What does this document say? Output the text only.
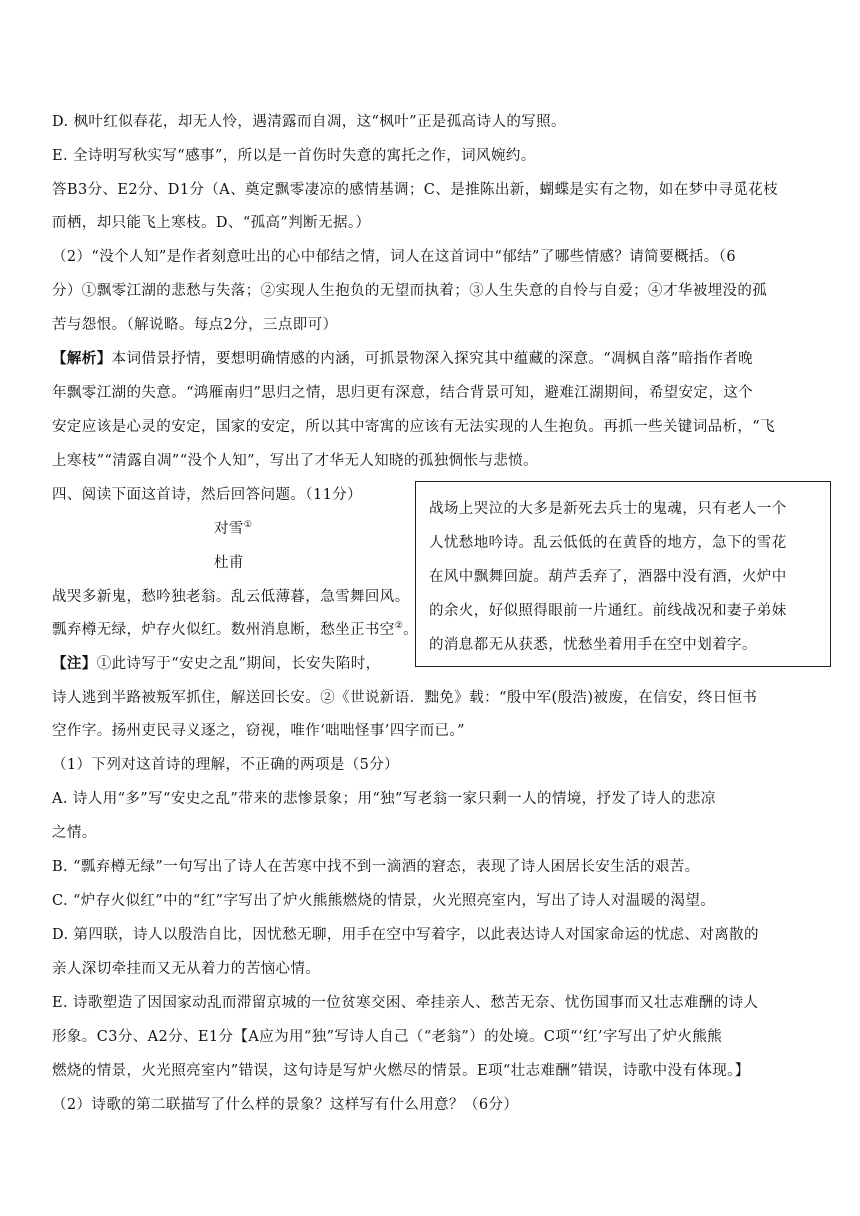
D. 枫叶红似春花，却无人怜，遇清露而自凋，这“枫叶”正是孤高诗人的写照。
E. 全诗明写秋实写“感事”，所以是一首伤时失意的寓托之作，词风婉约。
答B3分、E2分、D1分（A、奠定飘零凄凉的感情基调；C、是推陈出新，蝴蝶是实有之物，如在梦中寻觅花枝
而栖，却只能飞上寒枝。D、“孤高”判断无据。）
（2）“没个人知”是作者刻意吐出的心中郁结之情，词人在这首词中“郁结”了哪些情感？请简要概括。（6
分）①飘零江湖的悲愁与失落；②实现人生抱负的无望而执着；③人生失意的自怜与自爱；④才华被埋没的孤
苦与怨恨。（解说略。每点2分，三点即可）
【解析】本词借景抒情，要想明确情感的内涵，可抓景物深入探究其中蕴藏的深意。“凋枫自落”暗指作者晚
年飘零江湖的失意。“鸿雁南归”思归之情，思归更有深意，结合背景可知，避难江湖期间，希望安定，这个
安定应该是心灵的安定，国家的安定，所以其中寄寓的应该有无法实现的人生抱负。再抓一些关键词品析，“飞
上寒枝”“清露自凋”“没个人知”，写出了才华无人知晓的孤独惆怅与悲愤。
四、阅读下面这首诗，然后回答问题。（11分）
战哭多新鬼，愁吟独老翁。乱云低薄暮，急雪舞回风。
瓢弃樽无绿，炉存火似红。数州消息断，愁坐正书空②。
【注】①此诗写于“安史之乱”期间，长安失陷时，
诗人逃到半路被叛军抓住，解送回长安。②《世说新语．黜免》载：“殷中军(殷浩)被废，在信安，终日恒书
空作字。扬州吏民寻义逐之，窃视，唯作‘咄咄怪事’四字而已。”
（1）下列对这首诗的理解，不正确的两项是（5分）
A. 诗人用“多”写“安史之乱”带来的悲惨景象；用“独”写老翁一家只剩一人的情境，抒发了诗人的悲凉
之情。
B. “瓢弃樽无绿”一句写出了诗人在苦寒中找不到一滴酒的窘态，表现了诗人困居长安生活的艰苦。
C. “炉存火似红”中的“红”字写出了炉火熊熊燃烧的情景，火光照亮室内，写出了诗人对温暖的渴望。
D. 第四联，诗人以殷浩自比，因忧愁无聊，用手在空中写着字，以此表达诗人对国家命运的忧虑、对离散的
亲人深切牵挂而又无从着力的苦恼心情。
E. 诗歌塑造了因国家动乱而滞留京城的一位贫寒交困、牵挂亲人、愁苦无奈、忧伤国事而又壮志难酬的诗人
形象。C3分、A2分、E1分【A应为用“独”写诗人自己（“老翁”）的处境。C项“‘红’字写出了炉火熊熊
燃烧的情景，火光照亮室内”错误，这句诗是写炉火燃尽的情景。E项“壮志难酬”错误，诗歌中没有体现。】
（2）诗歌的第二联描写了什么样的景象？这样写有什么用意？（6分）
对雪①
杜甫
战场上哭泣的大多是新死去兵士的鬼魂，只有老人一个
人忧愁地吟诗。乱云低低的在黄昏的地方，急下的雪花
在风中飘舞回旋。葫芦丢弃了，酒器中没有酒，火炉中
的余火，好似照得眼前一片通红。前线战况和妻子弟妹
的消息都无从获悉，忧愁坐着用手在空中划着字。
